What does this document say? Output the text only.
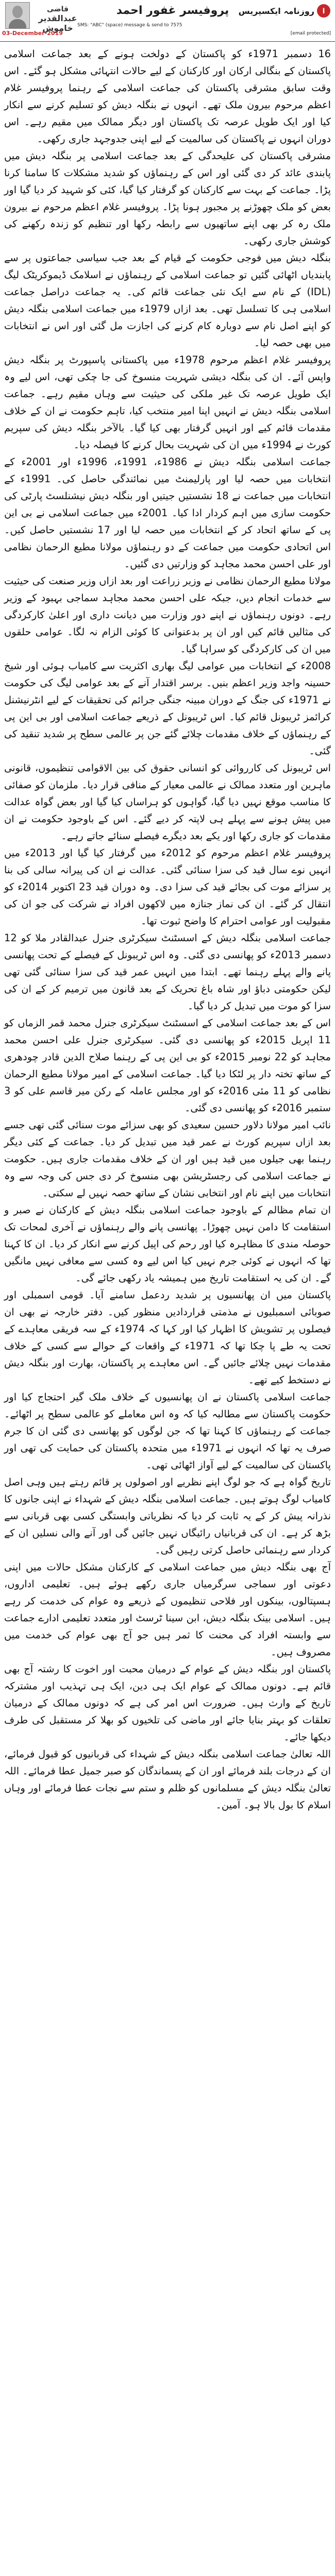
ا
روزنامہ ایکسپریس
پروفیسر غفور احمد
قاضی
عبدالقدیر خاموش SMS: "ABC" (space) message & send to 7575
03-December-2019	[email protected]

16 دسمبر 1971ء کو پاکستان کے دولخت ہونے کے بعد جماعت اسلامی پاکستان کے بنگالی ارکان اور کارکنان کے لیے حالات انتہائی مشکل ہو گئے۔ اس وقت سابق مشرقی پاکستان کی جماعت اسلامی کے رہنما پروفیسر غلام اعظم مرحوم بیرون ملک تھے۔ انہوں نے بنگلہ دیش کو تسلیم کرنے سے انکار کیا اور ایک طویل عرصہ تک پاکستان اور دیگر ممالک میں مقیم رہے۔ اس دوران انہوں نے پاکستان کی سالمیت کے لیے اپنی جدوجہد جاری رکھی۔

مشرقی پاکستان کی علیحدگی کے بعد جماعت اسلامی پر بنگلہ دیش میں پابندی عائد کر دی گئی اور اس کے رہنماؤں کو شدید مشکلات کا سامنا کرنا پڑا۔ جماعت کے بہت سے کارکنان کو گرفتار کیا گیا، کئی کو شہید کر دیا گیا اور بعض کو ملک چھوڑنے پر مجبور ہونا پڑا۔ پروفیسر غلام اعظم مرحوم نے بیرون ملک رہ کر بھی اپنے ساتھیوں سے رابطہ رکھا اور تنظیم کو زندہ رکھنے کی کوشش جاری رکھی۔

بنگلہ دیش میں فوجی حکومت کے قیام کے بعد جب سیاسی جماعتوں پر سے پابندیاں اٹھائی گئیں تو جماعت اسلامی کے رہنماؤں نے اسلامک ڈیموکریٹک لیگ (IDL) کے نام سے ایک نئی جماعت قائم کی۔ یہ جماعت دراصل جماعت اسلامی ہی کا تسلسل تھی۔ بعد ازاں 1979ء میں جماعت اسلامی بنگلہ دیش کو اپنے اصل نام سے دوبارہ کام کرنے کی اجازت مل گئی اور اس نے انتخابات میں بھی حصہ لیا۔

پروفیسر غلام اعظم مرحوم 1978ء میں پاکستانی پاسپورٹ پر بنگلہ دیش واپس آئے۔ ان کی بنگلہ دیشی شہریت منسوخ کی جا چکی تھی، اس لیے وہ ایک طویل عرصہ تک غیر ملکی کی حیثیت سے وہاں مقیم رہے۔ جماعت اسلامی بنگلہ دیش نے انہیں اپنا امیر منتخب کیا، تاہم حکومت نے ان کے خلاف مقدمات قائم کیے اور انہیں گرفتار بھی کیا گیا۔ بالآخر بنگلہ دیش کی سپریم کورٹ نے 1994ء میں ان کی شہریت بحال کرنے کا فیصلہ دیا۔

جماعت اسلامی بنگلہ دیش نے 1986ء، 1991ء، 1996ء اور 2001ء کے انتخابات میں حصہ لیا اور پارلیمنٹ میں نمائندگی حاصل کی۔ 1991ء کے انتخابات میں جماعت نے 18 نشستیں جیتیں اور بنگلہ دیش نیشنلسٹ پارٹی کی حکومت سازی میں اہم کردار ادا کیا۔ 2001ء میں جماعت اسلامی نے بی این پی کے ساتھ اتحاد کر کے انتخابات میں حصہ لیا اور 17 نشستیں حاصل کیں۔ اس اتحادی حکومت میں جماعت کے دو رہنماؤں مولانا مطیع الرحمان نظامی اور علی احسن محمد مجاہد کو وزارتیں دی گئیں۔

مولانا مطیع الرحمان نظامی نے وزیر زراعت اور بعد ازاں وزیر صنعت کی حیثیت سے خدمات انجام دیں، جبکہ علی احسن محمد مجاہد سماجی بہبود کے وزیر رہے۔ دونوں رہنماؤں نے اپنے دور وزارت میں دیانت داری اور اعلیٰ کارکردگی کی مثالیں قائم کیں اور ان پر بدعنوانی کا کوئی الزام نہ لگا۔ عوامی حلقوں میں ان کی کارکردگی کو سراہا گیا۔

2008ء کے انتخابات میں عوامی لیگ بھاری اکثریت سے کامیاب ہوئی اور شیخ حسینہ واجد وزیر اعظم بنیں۔ برسر اقتدار آنے کے بعد عوامی لیگ کی حکومت نے 1971ء کی جنگ کے دوران مبینہ جنگی جرائم کی تحقیقات کے لیے انٹرنیشنل کرائمز ٹریبونل قائم کیا۔ اس ٹریبونل کے ذریعے جماعت اسلامی اور بی این پی کے رہنماؤں کے خلاف مقدمات چلائے گئے جن پر عالمی سطح پر شدید تنقید کی گئی۔

اس ٹریبونل کی کارروائی کو انسانی حقوق کی بین الاقوامی تنظیموں، قانونی ماہرین اور متعدد ممالک نے عالمی معیار کے منافی قرار دیا۔ ملزمان کو صفائی کا مناسب موقع نہیں دیا گیا، گواہوں کو ہراساں کیا گیا اور بعض گواہ عدالت میں پیش ہونے سے پہلے ہی لاپتہ کر دیے گئے۔ اس کے باوجود حکومت نے ان مقدمات کو جاری رکھا اور یکے بعد دیگرے فیصلے سنائے جاتے رہے۔

پروفیسر غلام اعظم مرحوم کو 2012ء میں گرفتار کیا گیا اور 2013ء میں انہیں نوے سال قید کی سزا سنائی گئی۔ عدالت نے ان کی پیرانہ سالی کی بنا پر سزائے موت کی بجائے قید کی سزا دی۔ وہ دوران قید 23 اکتوبر 2014ء کو انتقال کر گئے۔ ان کی نماز جنازہ میں لاکھوں افراد نے شرکت کی جو ان کی مقبولیت اور عوامی احترام کا واضح ثبوت تھا۔

جماعت اسلامی بنگلہ دیش کے اسسٹنٹ سیکرٹری جنرل عبدالقادر ملا کو 12 دسمبر 2013ء کو پھانسی دی گئی۔ وہ اس ٹریبونل کے فیصلے کے تحت پھانسی پانے والے پہلے رہنما تھے۔ ابتدا میں انہیں عمر قید کی سزا سنائی گئی تھی لیکن حکومتی دباؤ اور شاہ باغ تحریک کے بعد قانون میں ترمیم کر کے ان کی سزا کو موت میں تبدیل کر دیا گیا۔

اس کے بعد جماعت اسلامی کے اسسٹنٹ سیکرٹری جنرل محمد قمر الزماں کو 11 اپریل 2015ء کو پھانسی دی گئی۔ سیکرٹری جنرل علی احسن محمد مجاہد کو 22 نومبر 2015ء کو بی این پی کے رہنما صلاح الدین قادر چودھری کے ساتھ تختہ دار پر لٹکا دیا گیا۔ جماعت اسلامی کے امیر مولانا مطیع الرحمان نظامی کو 11 مئی 2016ء کو اور مجلس عاملہ کے رکن میر قاسم علی کو 3 ستمبر 2016ء کو پھانسی دی گئی۔

نائب امیر مولانا دلاور حسین سعیدی کو بھی سزائے موت سنائی گئی تھی جسے بعد ازاں سپریم کورٹ نے عمر قید میں تبدیل کر دیا۔ جماعت کے کئی دیگر رہنما بھی جیلوں میں قید ہیں اور ان کے خلاف مقدمات جاری ہیں۔ حکومت نے جماعت اسلامی کی رجسٹریشن بھی منسوخ کر دی جس کی وجہ سے وہ انتخابات میں اپنے نام اور انتخابی نشان کے ساتھ حصہ نہیں لے سکتی۔

ان تمام مظالم کے باوجود جماعت اسلامی بنگلہ دیش کے کارکنان نے صبر و استقامت کا دامن نہیں چھوڑا۔ پھانسی پانے والے رہنماؤں نے آخری لمحات تک حوصلہ مندی کا مظاہرہ کیا اور رحم کی اپیل کرنے سے انکار کر دیا۔ ان کا کہنا تھا کہ انہوں نے کوئی جرم نہیں کیا اس لیے وہ کسی سے معافی نہیں مانگیں گے۔ ان کی یہ استقامت تاریخ میں ہمیشہ یاد رکھی جائے گی۔

پاکستان میں ان پھانسیوں پر شدید ردعمل سامنے آیا۔ قومی اسمبلی اور صوبائی اسمبلیوں نے مذمتی قراردادیں منظور کیں۔ دفتر خارجہ نے بھی ان فیصلوں پر تشویش کا اظہار کیا اور کہا کہ 1974ء کے سہ فریقی معاہدے کے تحت یہ طے پا چکا تھا کہ 1971ء کے واقعات کے حوالے سے کسی کے خلاف مقدمات نہیں چلائے جائیں گے۔ اس معاہدے پر پاکستان، بھارت اور بنگلہ دیش نے دستخط کیے تھے۔

جماعت اسلامی پاکستان نے ان پھانسیوں کے خلاف ملک گیر احتجاج کیا اور حکومت پاکستان سے مطالبہ کیا کہ وہ اس معاملے کو عالمی سطح پر اٹھائے۔ جماعت کے رہنماؤں کا کہنا تھا کہ جن لوگوں کو پھانسی دی گئی ان کا جرم صرف یہ تھا کہ انہوں نے 1971ء میں متحدہ پاکستان کی حمایت کی تھی اور پاکستان کی سالمیت کے لیے آواز اٹھائی تھی۔

تاریخ گواہ ہے کہ جو لوگ اپنے نظریے اور اصولوں پر قائم رہتے ہیں وہی اصل کامیاب لوگ ہوتے ہیں۔ جماعت اسلامی بنگلہ دیش کے شہداء نے اپنی جانوں کا نذرانہ پیش کر کے یہ ثابت کر دیا کہ نظریاتی وابستگی کسی بھی قربانی سے بڑھ کر ہے۔ ان کی قربانیاں رائیگاں نہیں جائیں گی اور آنے والی نسلیں ان کے کردار سے رہنمائی حاصل کرتی رہیں گی۔

آج بھی بنگلہ دیش میں جماعت اسلامی کے کارکنان مشکل حالات میں اپنی دعوتی اور سماجی سرگرمیاں جاری رکھے ہوئے ہیں۔ تعلیمی اداروں، ہسپتالوں، بینکوں اور فلاحی تنظیموں کے ذریعے وہ عوام کی خدمت کر رہے ہیں۔ اسلامی بینک بنگلہ دیش، ابن سینا ٹرسٹ اور متعدد تعلیمی ادارے جماعت سے وابستہ افراد کی محنت کا ثمر ہیں جو آج بھی عوام کی خدمت میں مصروف ہیں۔

پاکستان اور بنگلہ دیش کے عوام کے درمیان محبت اور اخوت کا رشتہ آج بھی قائم ہے۔ دونوں ممالک کے عوام ایک ہی دین، ایک ہی تہذیب اور مشترکہ تاریخ کے وارث ہیں۔ ضرورت اس امر کی ہے کہ دونوں ممالک کے درمیان تعلقات کو بہتر بنایا جائے اور ماضی کی تلخیوں کو بھلا کر مستقبل کی طرف دیکھا جائے۔

اللہ تعالیٰ جماعت اسلامی بنگلہ دیش کے شہداء کی قربانیوں کو قبول فرمائے، ان کے درجات بلند فرمائے اور ان کے پسماندگان کو صبر جمیل عطا فرمائے۔ اللہ تعالیٰ بنگلہ دیش کے مسلمانوں کو ظلم و ستم سے نجات عطا فرمائے اور وہاں اسلام کا بول بالا ہو۔ آمین۔
